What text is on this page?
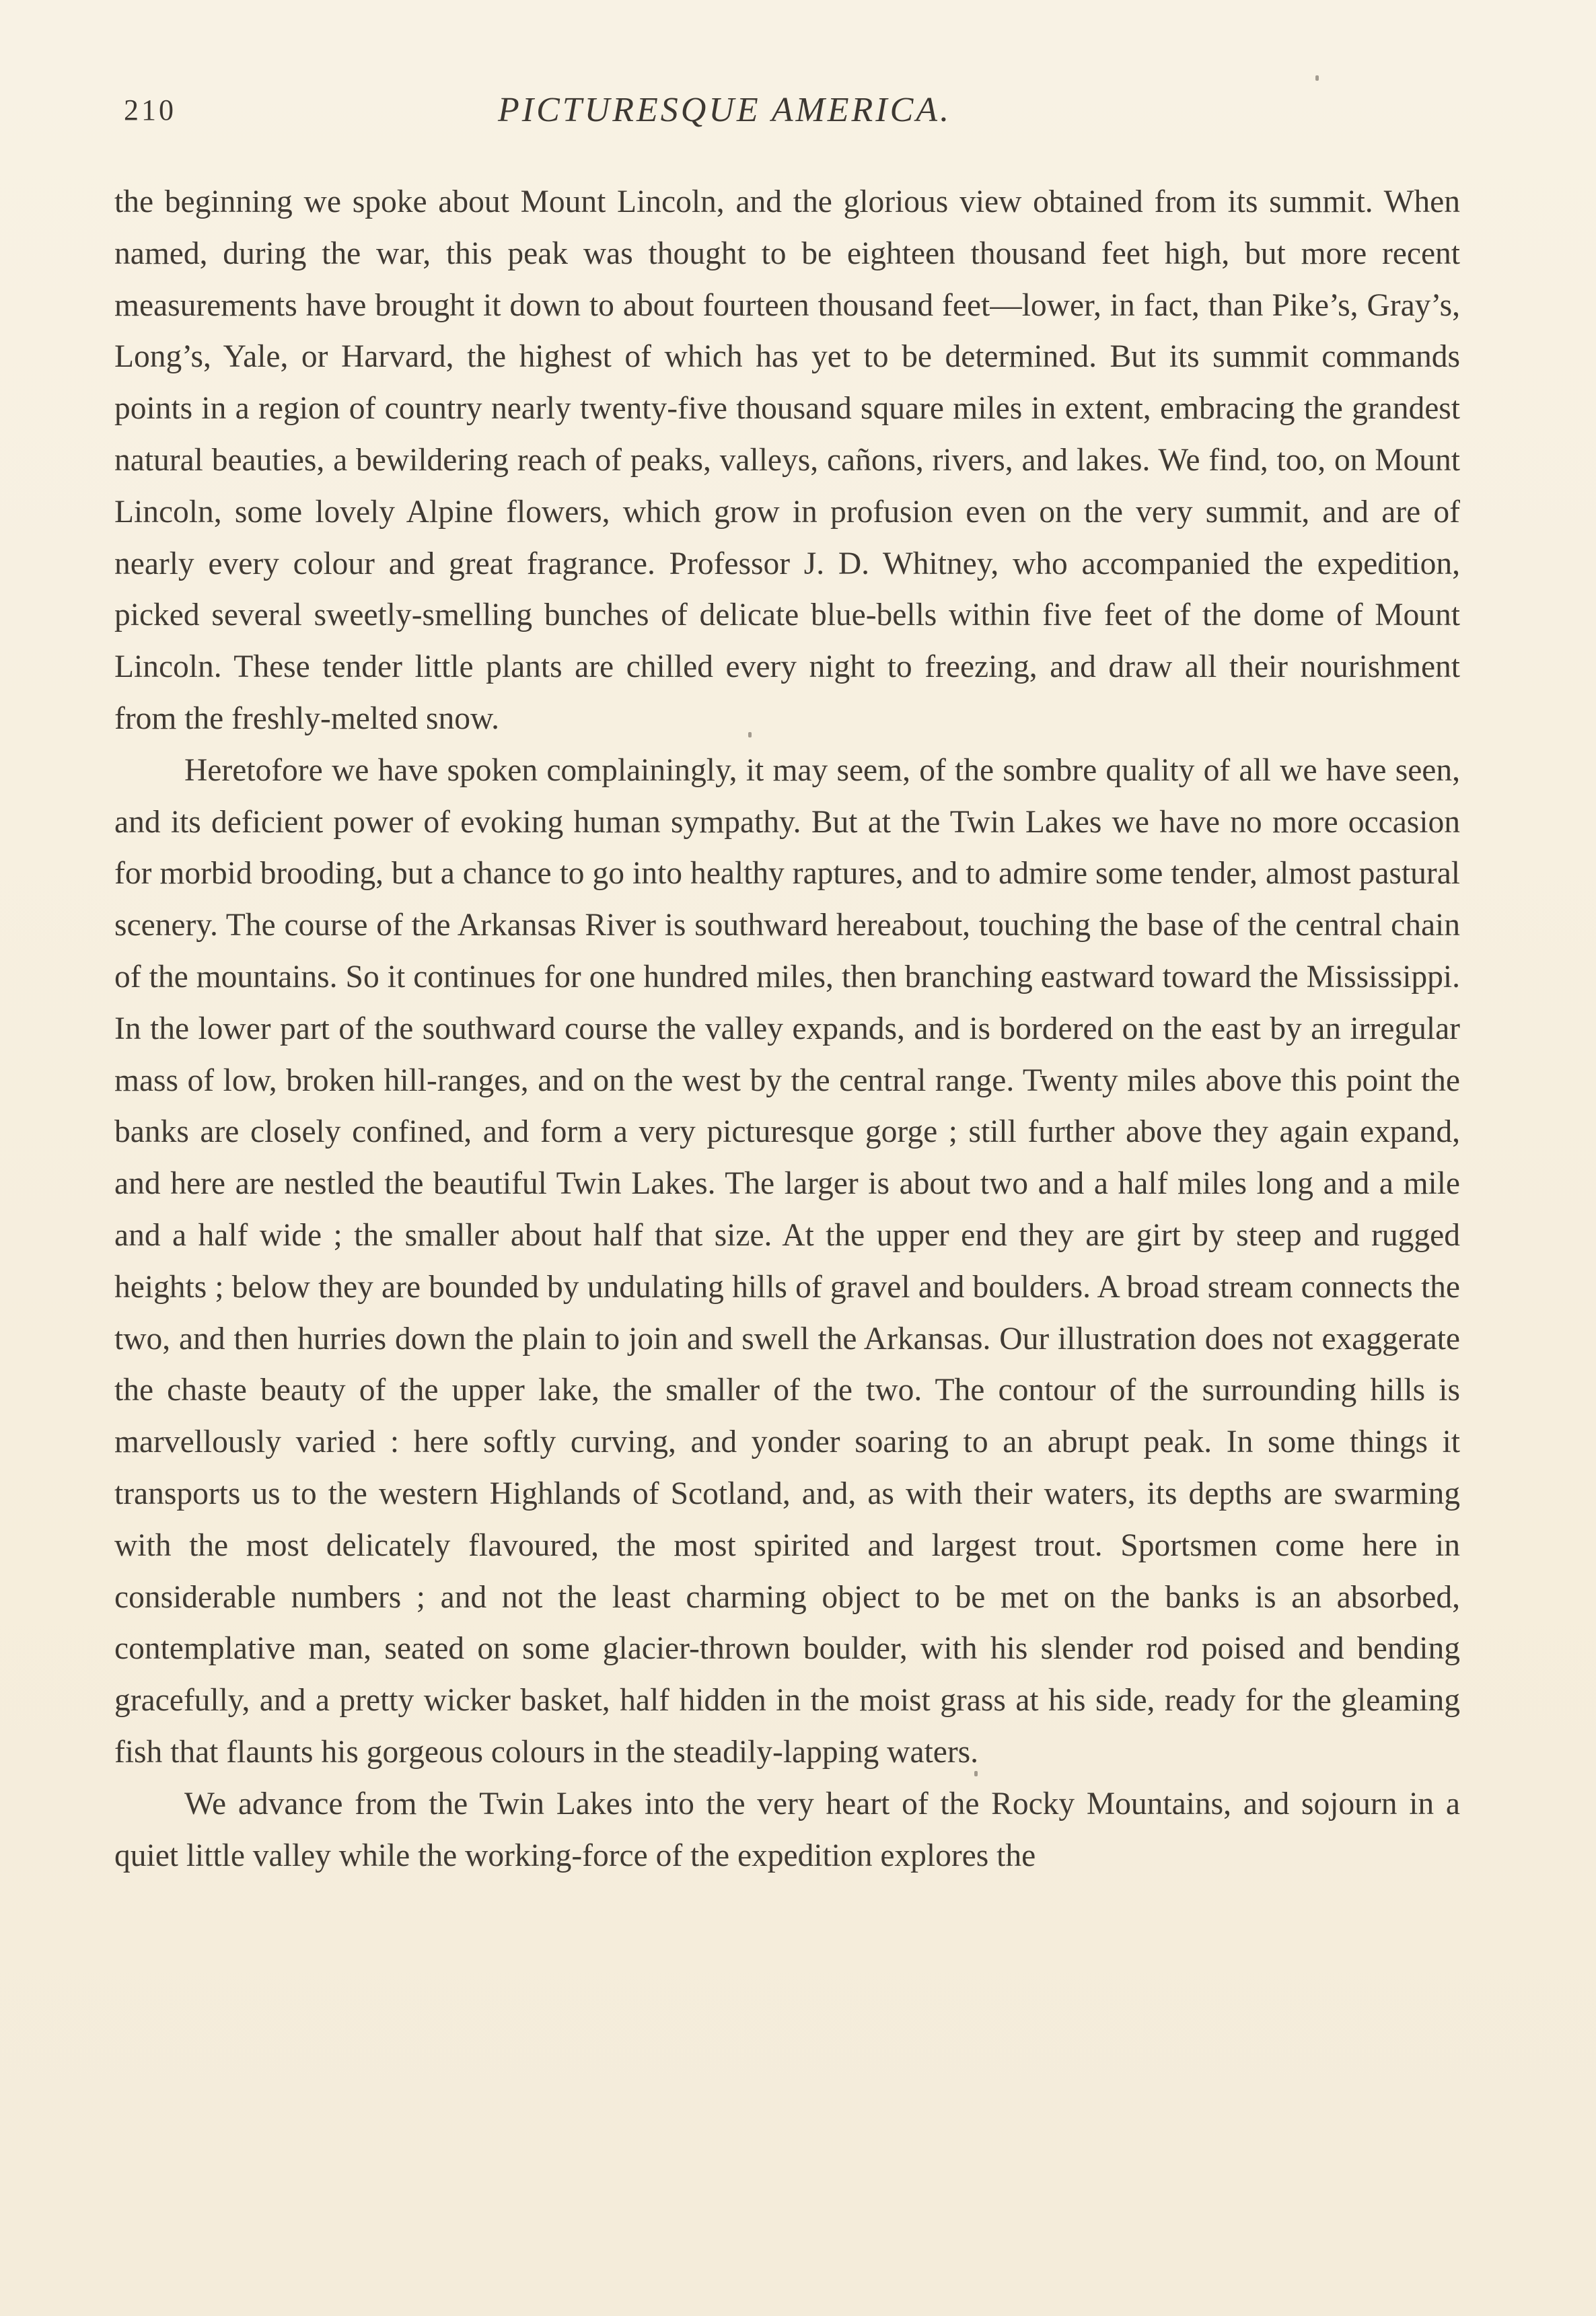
210	PICTURESQUE AMERICA.

the beginning we spoke about Mount Lincoln, and the glorious view obtained from its summit. When named, during the war, this peak was thought to be eighteen thousand feet high, but more recent measurements have brought it down to about fourteen thousand feet—lower, in fact, than Pike’s, Gray’s, Long’s, Yale, or Harvard, the highest of which has yet to be determined. But its summit commands points in a region of country nearly twenty-five thousand square miles in extent, embracing the grandest natural beauties, a bewildering reach of peaks, valleys, cañons, rivers, and lakes. We find, too, on Mount Lincoln, some lovely Alpine flowers, which grow in profusion even on the very summit, and are of nearly every colour and great fragrance. Professor J. D. Whitney, who accompanied the expedition, picked several sweetly-smelling bunches of delicate blue-bells within five feet of the dome of Mount Lincoln. These tender little plants are chilled every night to freezing, and draw all their nourishment from the freshly-melted snow.

Heretofore we have spoken complainingly, it may seem, of the sombre quality of all we have seen, and its deficient power of evoking human sympathy. But at the Twin Lakes we have no more occasion for morbid brooding, but a chance to go into healthy raptures, and to admire some tender, almost pastural scenery. The course of the Arkansas River is southward hereabout, touching the base of the central chain of the mountains. So it continues for one hundred miles, then branching eastward toward the Mississippi. In the lower part of the southward course the valley expands, and is bordered on the east by an irregular mass of low, broken hill-ranges, and on the west by the central range. Twenty miles above this point the banks are closely confined, and form a very picturesque gorge ; still further above they again expand, and here are nestled the beautiful Twin Lakes. The larger is about two and a half miles long and a mile and a half wide ; the smaller about half that size. At the upper end they are girt by steep and rugged heights ; below they are bounded by undulating hills of gravel and boulders. A broad stream connects the two, and then hurries down the plain to join and swell the Arkansas. Our illustration does not exaggerate the chaste beauty of the upper lake, the smaller of the two. The contour of the surrounding hills is marvellously varied : here softly curving, and yonder soaring to an abrupt peak. In some things it transports us to the western Highlands of Scotland, and, as with their waters, its depths are swarming with the most delicately flavoured, the most spirited and largest trout. Sportsmen come here in considerable numbers ; and not the least charming object to be met on the banks is an absorbed, contemplative man, seated on some glacier-thrown boulder, with his slender rod poised and bending gracefully, and a pretty wicker basket, half hidden in the moist grass at his side, ready for the gleaming fish that flaunts his gorgeous colours in the steadily-lapping waters.

We advance from the Twin Lakes into the very heart of the Rocky Mountains, and sojourn in a quiet little valley while the working-force of the expedition explores the
